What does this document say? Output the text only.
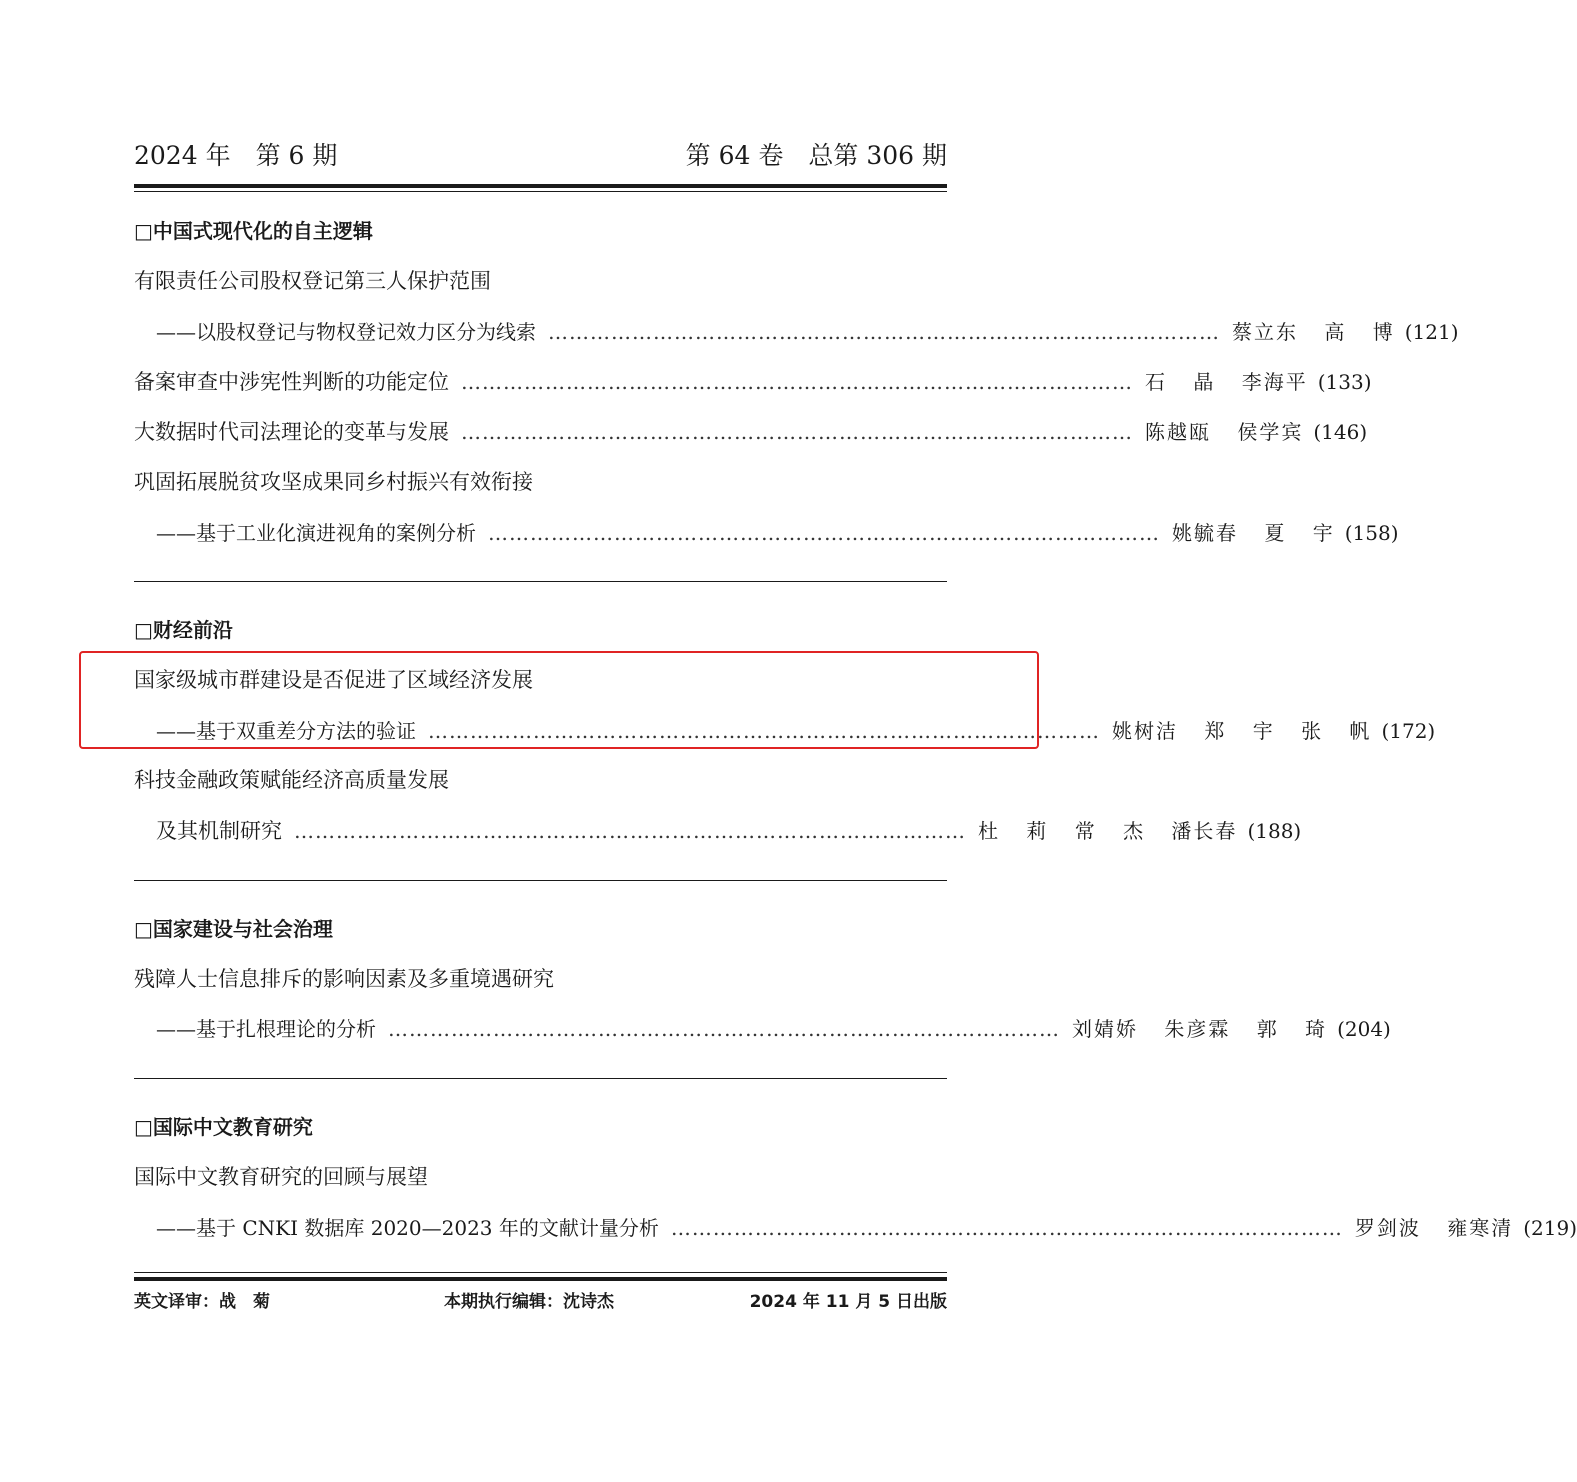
2024 年　第 6 期	第 64 卷　总第 306 期
□中国式现代化的自主逻辑
有限责任公司股权登记第三人保护范围
——以股权登记与物权登记效力区分为线索 …………………………………………………………………………………… 蔡立东 高 博 (121)
备案审查中涉宪性判断的功能定位 …………………………………………………………………………………… 石 晶 李海平 (133)
大数据时代司法理论的变革与发展 …………………………………………………………………………………… 陈越瓯 侯学宾 (146)
巩固拓展脱贫攻坚成果同乡村振兴有效衔接
——基于工业化演进视角的案例分析 …………………………………………………………………………………… 姚毓春 夏 宇 (158)
□财经前沿
国家级城市群建设是否促进了区域经济发展
——基于双重差分方法的验证 …………………………………………………………………………………… 姚树洁 郑 宇 张 帆 (172)
科技金融政策赋能经济高质量发展
及其机制研究 …………………………………………………………………………………… 杜 莉 常 杰 潘长春 (188)
□国家建设与社会治理
残障人士信息排斥的影响因素及多重境遇研究
——基于扎根理论的分析 …………………………………………………………………………………… 刘婧娇 朱彦霖 郭 琦 (204)
□国际中文教育研究
国际中文教育研究的回顾与展望
——基于 CNKI 数据库 2020—2023 年的文献计量分析 …………………………………………………………………………………… 罗剑波 雍寒清 (219)
英文译审：战　菊	本期执行编辑：沈诗杰	2024 年 11 月 5 日出版
